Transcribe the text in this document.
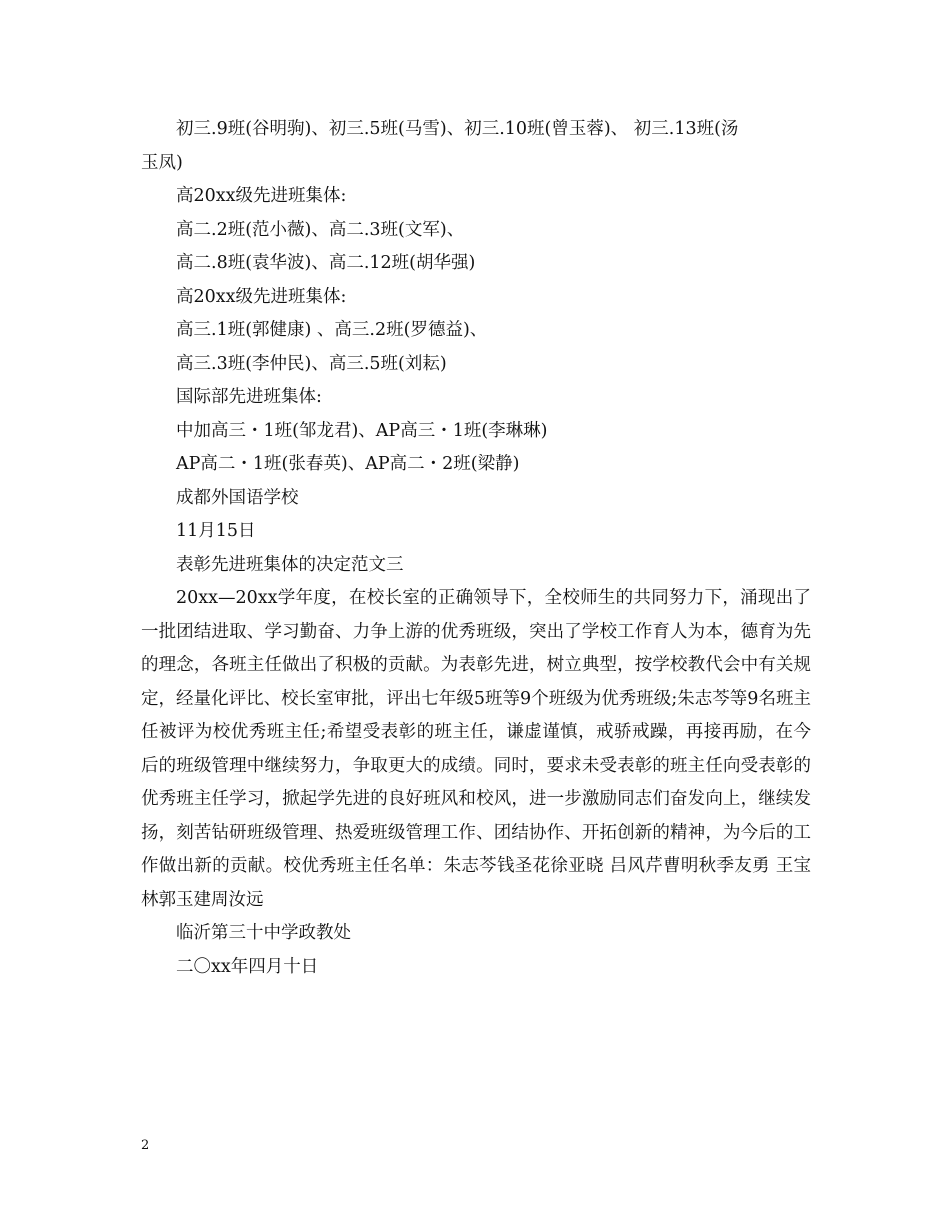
初三.9班(谷明驹)、初三.5班(马雪)、初三.10班(曾玉蓉)、 初三.13班(汤

玉凤)

高20xx级先进班集体:

高二.2班(范小薇)、高二.3班(文军)、

高二.8班(袁华波)、高二.12班(胡华强)

高20xx级先进班集体:

高三.1班(郭健康) 、高三.2班(罗德益)、

高三.3班(李仲民)、高三.5班(刘耘)

国际部先进班集体:

中加高三・1班(邹龙君)、AP高三・1班(李琳琳)

AP高二・1班(张春英)、AP高二・2班(梁静)

成都外国语学校

11月15日

表彰先进班集体的决定范文三

20xx—20xx学年度，在校长室的正确领导下，全校师生的共同努力下，涌现出了一批团结进取、学习勤奋、力争上游的优秀班级，突出了学校工作育人为本，德育为先的理念，各班主任做出了积极的贡献。为表彰先进，树立典型，按学校教代会中有关规定，经量化评比、校长室审批，评出七年级5班等9个班级为优秀班级;朱志芩等9名班主任被评为校优秀班主任;希望受表彰的班主任，谦虚谨慎，戒骄戒躁，再接再励，在今后的班级管理中继续努力，争取更大的成绩。同时，要求未受表彰的班主任向受表彰的优秀班主任学习，掀起学先进的良好班风和校风，进一步激励同志们奋发向上，继续发扬，刻苦钻研班级管理、热爱班级管理工作、团结协作、开拓创新的精神，为今后的工作做出新的贡献。校优秀班主任名单：朱志芩钱圣花徐亚晓 吕风芹曹明秋季友勇 王宝林郭玉建周汝远

临沂第三十中学政教处

二〇xx年四月十日

2
